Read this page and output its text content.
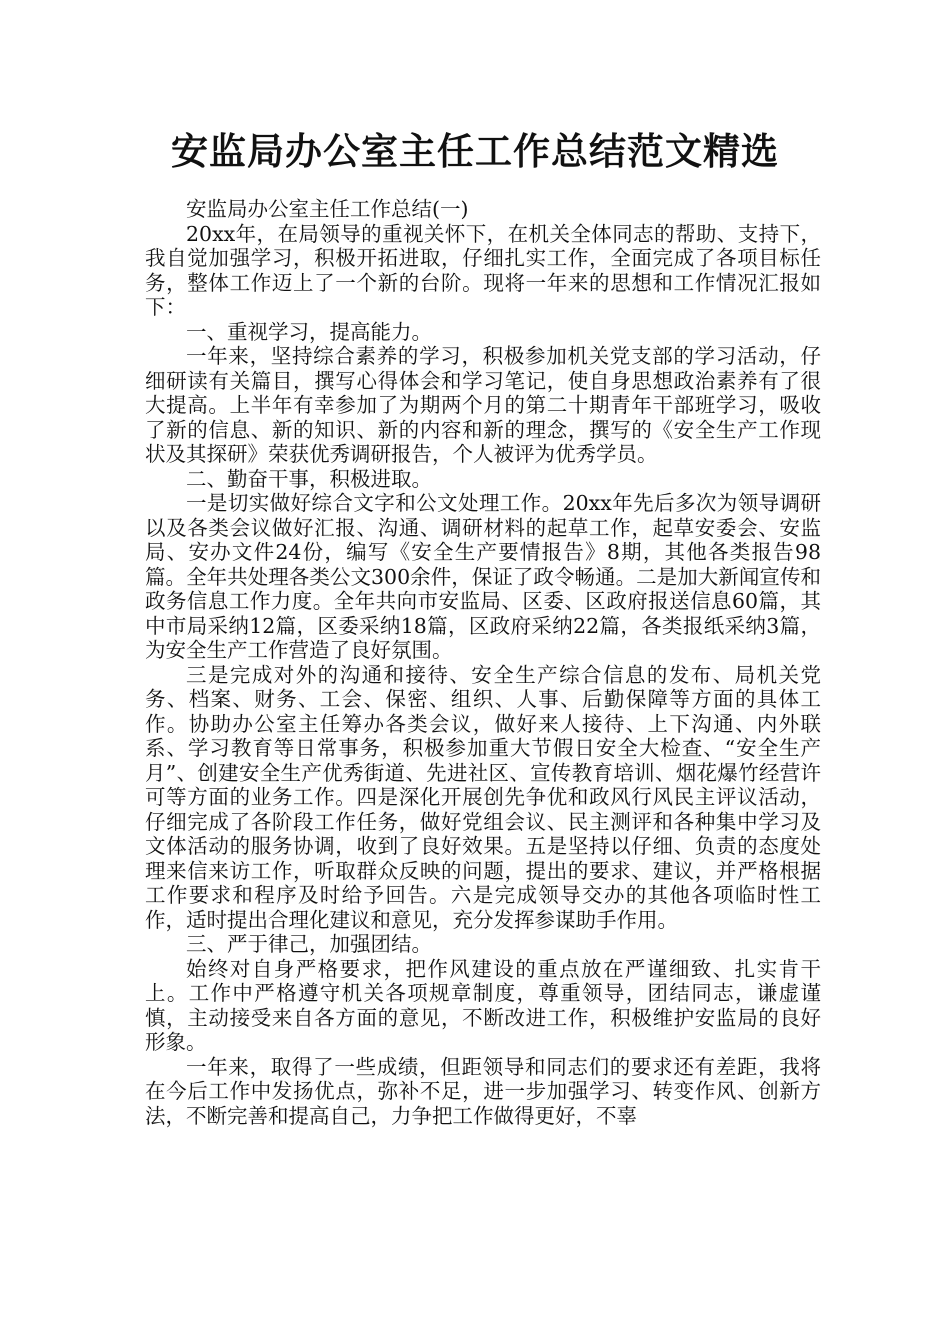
安监局办公室主任工作总结范文精选

安监局办公室主任工作总结(一)

20xx年，在局领导的重视关怀下，在机关全体同志的帮助、支持下，我自觉加强学习，积极开拓进取，仔细扎实工作，全面完成了各项目标任务，整体工作迈上了一个新的台阶。现将一年来的思想和工作情况汇报如下：

一、重视学习，提高能力。

一年来，坚持综合素养的学习，积极参加机关党支部的学习活动，仔细研读有关篇目，撰写心得体会和学习笔记，使自身思想政治素养有了很大提高。上半年有幸参加了为期两个月的第二十期青年干部班学习，吸收了新的信息、新的知识、新的内容和新的理念，撰写的《安全生产工作现状及其探研》荣获优秀调研报告，个人被评为优秀学员。

二、勤奋干事，积极进取。

一是切实做好综合文字和公文处理工作。20xx年先后多次为领导调研以及各类会议做好汇报、沟通、调研材料的起草工作，起草安委会、安监局、安办文件24份，编写《安全生产要情报告》8期，其他各类报告98篇。全年共处理各类公文300余件，保证了政令畅通。二是加大新闻宣传和政务信息工作力度。全年共向市安监局、区委、区政府报送信息60篇，其中市局采纳12篇，区委采纳18篇，区政府采纳22篇，各类报纸采纳3篇，为安全生产工作营造了良好氛围。

三是完成对外的沟通和接待、安全生产综合信息的发布、局机关党务、档案、财务、工会、保密、组织、人事、后勤保障等方面的具体工作。协助办公室主任筹办各类会议，做好来人接待、上下沟通、内外联系、学习教育等日常事务，积极参加重大节假日安全大检查、“安全生产月”、创建安全生产优秀街道、先进社区、宣传教育培训、烟花爆竹经营许可等方面的业务工作。四是深化开展创先争优和政风行风民主评议活动，仔细完成了各阶段工作任务，做好党组会议、民主测评和各种集中学习及文体活动的服务协调，收到了良好效果。五是坚持以仔细、负责的态度处理来信来访工作，听取群众反映的问题，提出的要求、建议，并严格根据工作要求和程序及时给予回告。六是完成领导交办的其他各项临时性工作，适时提出合理化建议和意见，充分发挥参谋助手作用。

三、严于律己，加强团结。

始终对自身严格要求，把作风建设的重点放在严谨细致、扎实肯干上。工作中严格遵守机关各项规章制度，尊重领导，团结同志，谦虚谨慎，主动接受来自各方面的意见，不断改进工作，积极维护安监局的良好形象。

一年来，取得了一些成绩，但距领导和同志们的要求还有差距，我将在今后工作中发扬优点，弥补不足，进一步加强学习、转变作风、创新方法，不断完善和提高自己，力争把工作做得更好，不辜
